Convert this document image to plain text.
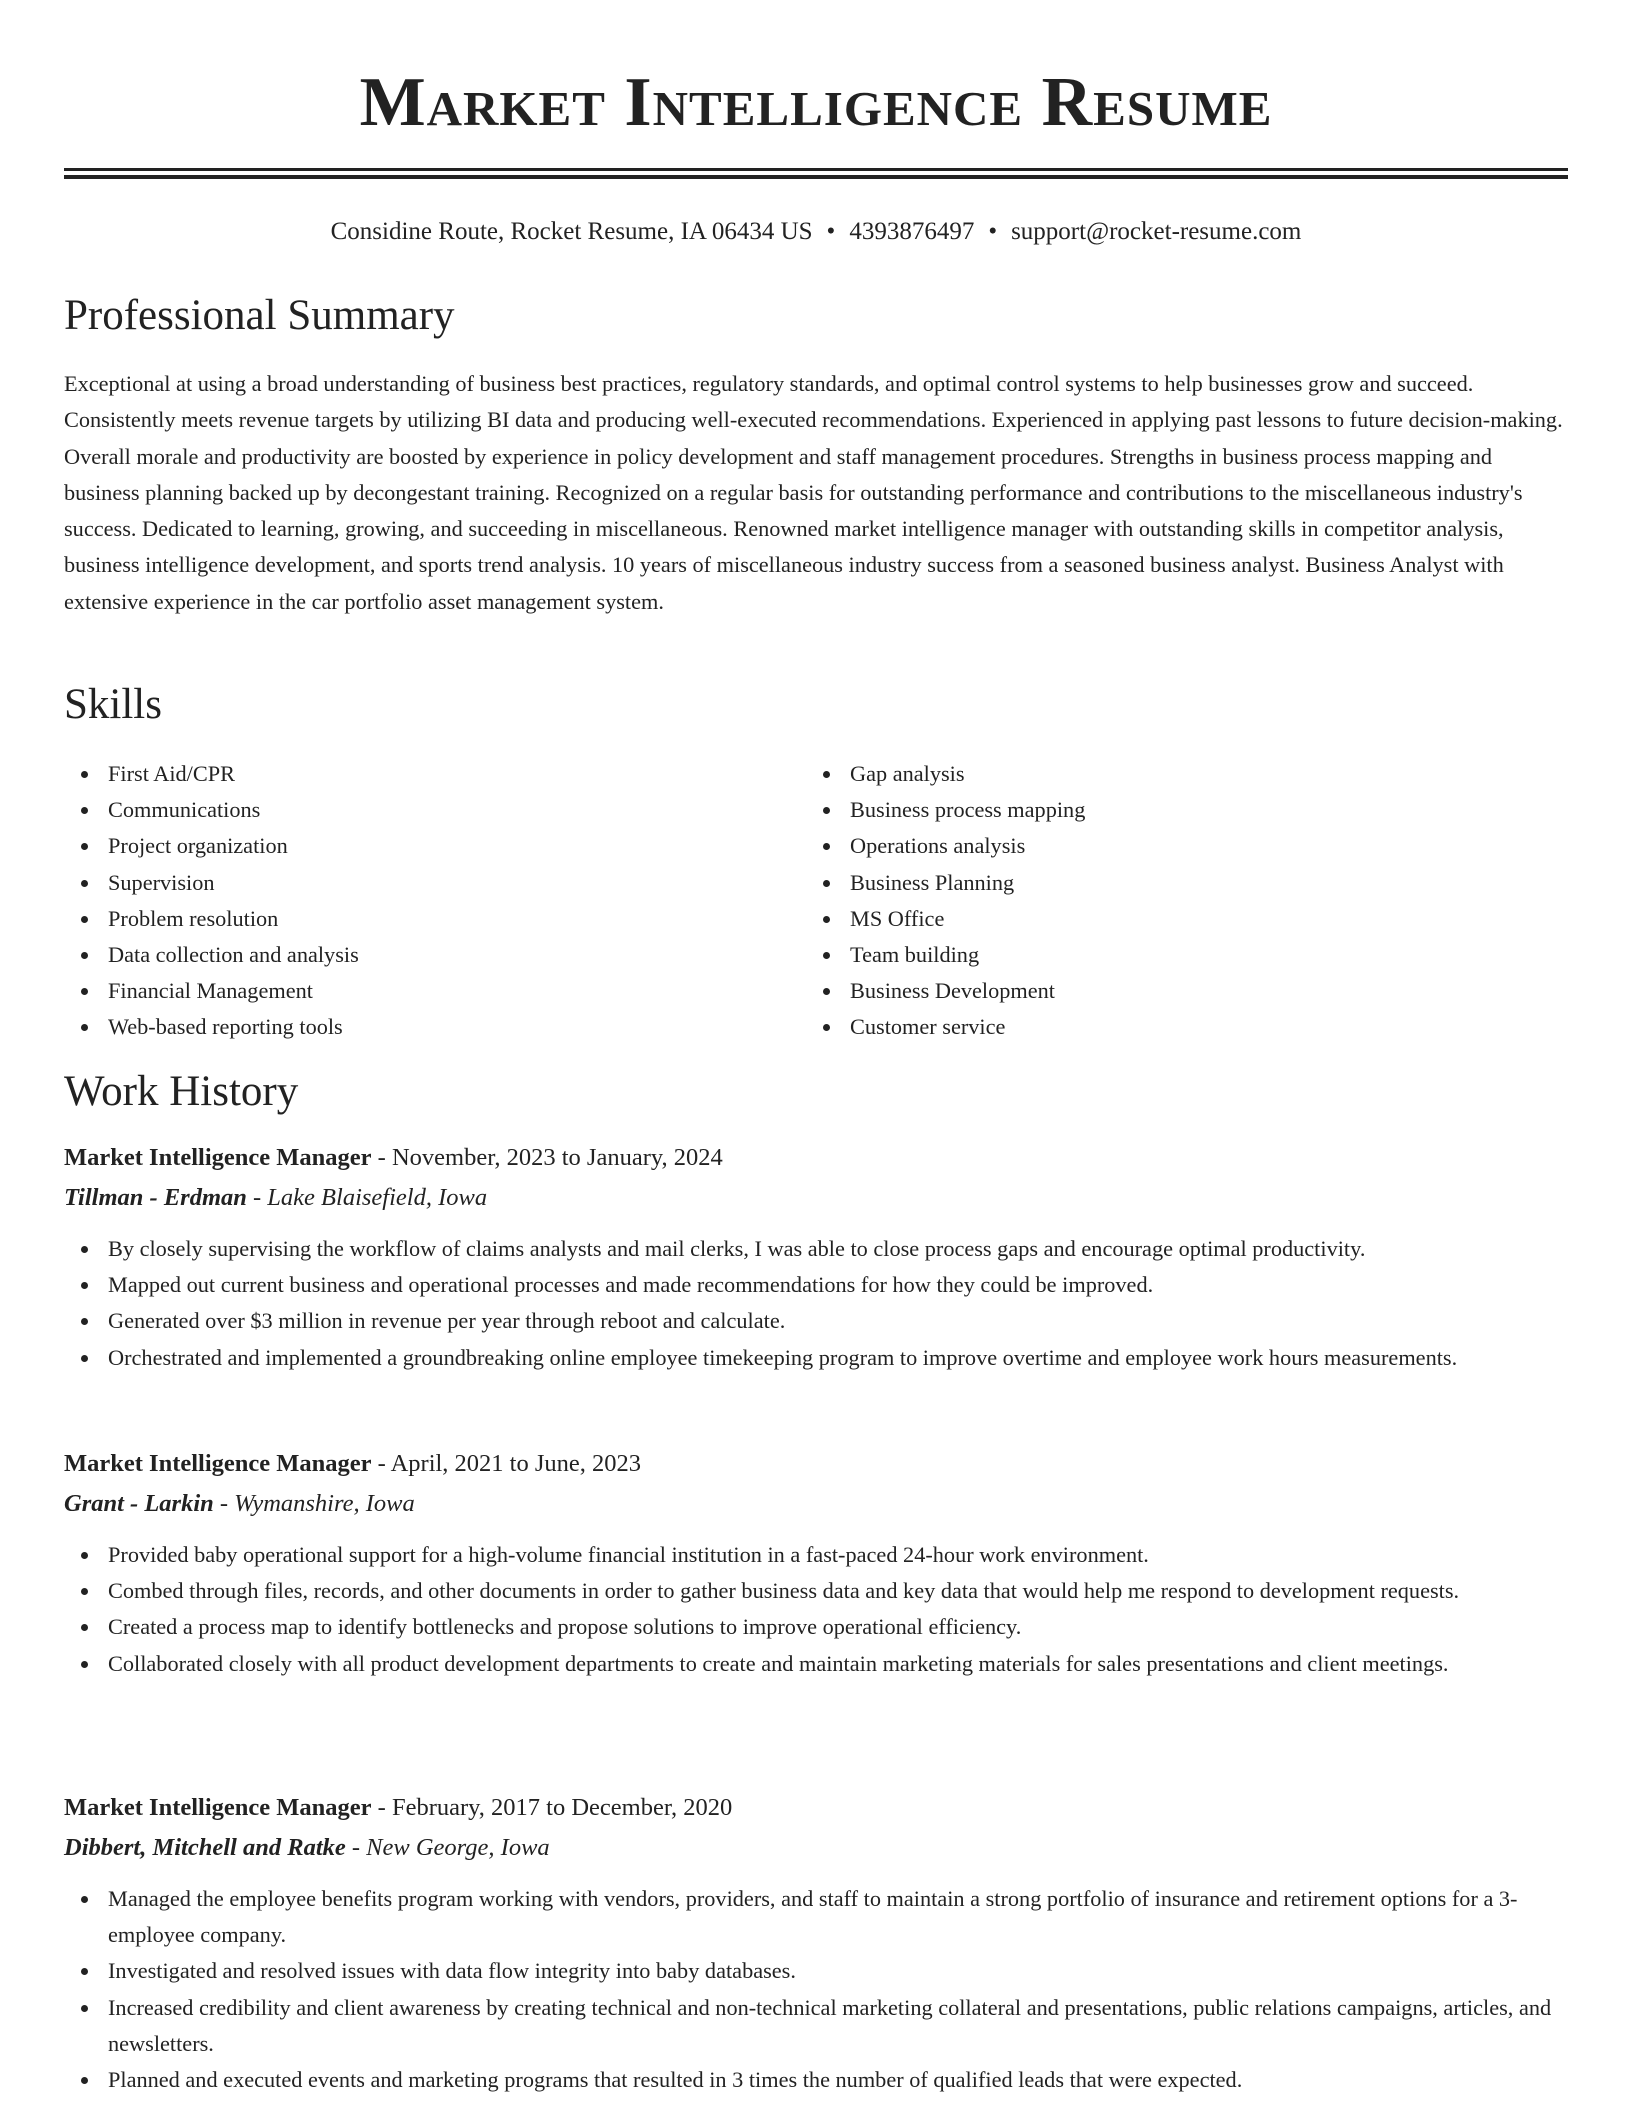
Market Intelligence Resume
Considine Route, Rocket Resume, IA 06434 US • 4393876497 • support@rocket-resume.com
Professional Summary

Exceptional at using a broad understanding of business best practices, regulatory standards, and optimal control systems to help businesses grow and succeed. Consistently meets revenue targets by utilizing BI data and producing well-executed recommendations. Experienced in applying past lessons to future decision-making. Overall morale and productivity are boosted by experience in policy development and staff management procedures. Strengths in business process mapping and business planning backed up by decongestant training. Recognized on a regular basis for outstanding performance and contributions to the miscellaneous industry's success. Dedicated to learning, growing, and succeeding in miscellaneous. Renowned market intelligence manager with outstanding skills in competitor analysis, business intelligence development, and sports trend analysis. 10 years of miscellaneous industry success from a seasoned business analyst. Business Analyst with extensive experience in the car portfolio asset management system.

Skills
First Aid/CPR
Communications
Project organization
Supervision
Problem resolution
Data collection and analysis
Financial Management
Web-based reporting tools
Gap analysis
Business process mapping
Operations analysis
Business Planning
MS Office
Team building
Business Development
Customer service
Work History
Market Intelligence Manager - November, 2023 to January, 2024
Tillman - Erdman - Lake Blaisefield, Iowa
By closely supervising the workflow of claims analysts and mail clerks, I was able to close process gaps and encourage optimal productivity.
Mapped out current business and operational processes and made recommendations for how they could be improved.
Generated over $3 million in revenue per year through reboot and calculate.
Orchestrated and implemented a groundbreaking online employee timekeeping program to improve overtime and employee work hours measurements.
Market Intelligence Manager - April, 2021 to June, 2023
Grant - Larkin - Wymanshire, Iowa
Provided baby operational support for a high-volume financial institution in a fast-paced 24-hour work environment.
Combed through files, records, and other documents in order to gather business data and key data that would help me respond to development requests.
Created a process map to identify bottlenecks and propose solutions to improve operational efficiency.
Collaborated closely with all product development departments to create and maintain marketing materials for sales presentations and client meetings.
Market Intelligence Manager - February, 2017 to December, 2020
Dibbert, Mitchell and Ratke - New George, Iowa
Managed the employee benefits program working with vendors, providers, and staff to maintain a strong portfolio of insurance and retirement options for a 3-employee company.
Investigated and resolved issues with data flow integrity into baby databases.
Increased credibility and client awareness by creating technical and non-technical marketing collateral and presentations, public relations campaigns, articles, and newsletters.
Planned and executed events and marketing programs that resulted in 3 times the number of qualified leads that were expected.
